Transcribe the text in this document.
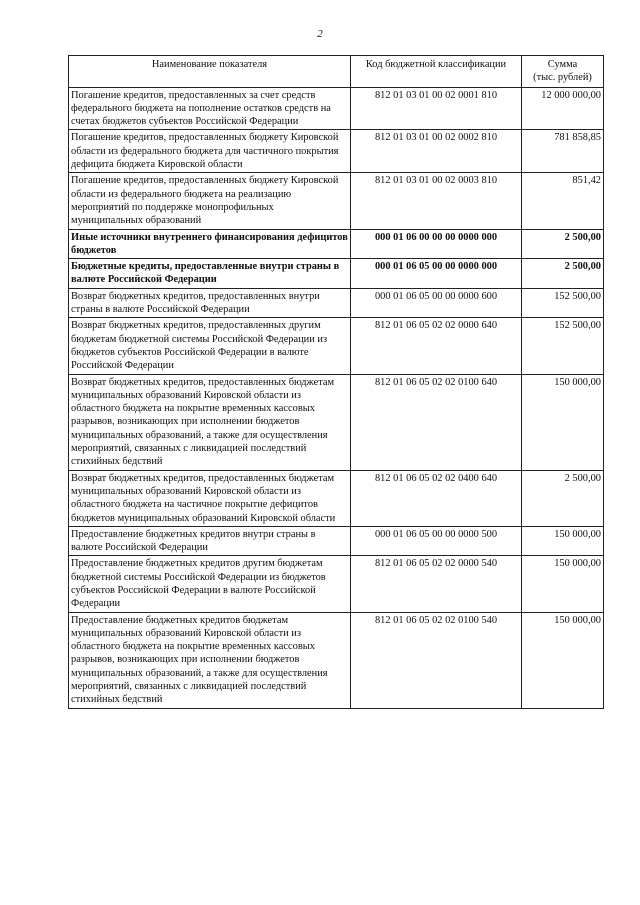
2
Наименование показателя	Код бюджетной классификации	Сумма
(тыс. рублей)

Погашение кредитов, предоставленных за счет средств федерального бюджета на пополнение остатков средств на счетах бюджетов субъектов Российской Федерации	812 01 03 01 00 02 0001 810	12 000 000,00
Погашение кредитов, предоставленных бюджету Кировской области из федерального бюджета для частичного покрытия дефицита бюджета Кировской области	812 01 03 01 00 02 0002 810	781 858,85
Погашение кредитов, предоставленных бюджету Кировской области из федерального бюджета на реализацию мероприятий по поддержке монопрофильных муниципальных образований	812 01 03 01 00 02 0003 810	851,42
Иные источники внутреннего финансирования дефицитов бюджетов	000 01 06 00 00 00 0000 000	2 500,00
Бюджетные кредиты, предоставленные внутри страны в валюте Российской Федерации	000 01 06 05 00 00 0000 000	2 500,00
Возврат бюджетных кредитов, предоставленных внутри страны в валюте Российской Федерации	000 01 06 05 00 00 0000 600	152 500,00
Возврат бюджетных кредитов, предоставленных другим бюджетам бюджетной системы Российской Федерации из бюджетов субъектов Российской Федерации в валюте Российской Федерации	812 01 06 05 02 02 0000 640	152 500,00
Возврат бюджетных кредитов, предоставленных бюджетам муниципальных образований Кировской области из областного бюджета на покрытие временных кассовых разрывов, возникающих при исполнении бюджетов муниципальных образований, а также для осуществления мероприятий, связанных с ликвидацией последствий стихийных бедствий	812 01 06 05 02 02 0100 640	150 000,00
Возврат бюджетных кредитов, предоставленных бюджетам муниципальных образований Кировской области из областного бюджета на частичное покрытие дефицитов бюджетов муниципальных образований Кировской области	812 01 06 05 02 02 0400 640	2 500,00
Предоставление бюджетных кредитов внутри страны в валюте Российской Федерации	000 01 06 05 00 00 0000 500	150 000,00
Предоставление бюджетных кредитов другим бюджетам бюджетной системы Российской Федерации из бюджетов субъектов Российской Федерации в валюте Российской Федерации	812 01 06 05 02 02 0000 540	150 000,00
Предоставление бюджетных кредитов бюджетам муниципальных образований Кировской области из областного бюджета на покрытие временных кассовых разрывов, возникающих при исполнении бюджетов муниципальных образований, а также для осуществления мероприятий, связанных с ликвидацией последствий стихийных бедствий	812 01 06 05 02 02 0100 540	150 000,00
